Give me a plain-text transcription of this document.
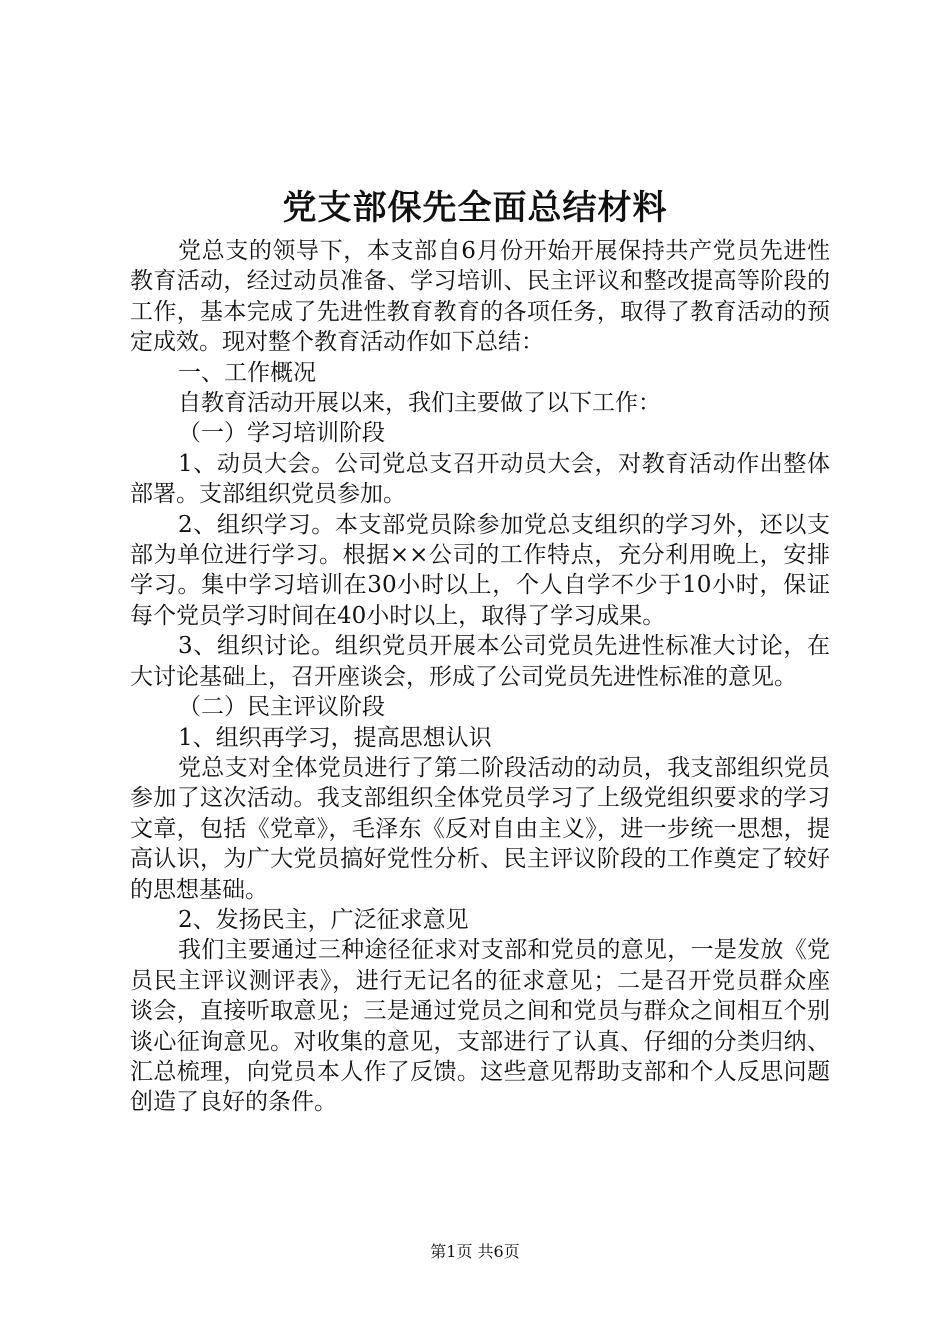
党支部保先全面总结材料

党总支的领导下，本支部自6月份开始开展保持共产党员先进性教育活动，经过动员准备、学习培训、民主评议和整改提高等阶段的工作，基本完成了先进性教育教育的各项任务，取得了教育活动的预定成效。现对整个教育活动作如下总结：

一、工作概况

自教育活动开展以来，我们主要做了以下工作：

（一）学习培训阶段

1、动员大会。公司党总支召开动员大会，对教育活动作出整体部署。支部组织党员参加。

2、组织学习。本支部党员除参加党总支组织的学习外，还以支部为单位进行学习。根据××公司的工作特点，充分利用晚上，安排学习。集中学习培训在30小时以上，个人自学不少于10小时，保证每个党员学习时间在40小时以上，取得了学习成果。

3、组织讨论。组织党员开展本公司党员先进性标准大讨论，在大讨论基础上，召开座谈会，形成了公司党员先进性标准的意见。

（二）民主评议阶段

1、组织再学习，提高思想认识

党总支对全体党员进行了第二阶段活动的动员，我支部组织党员参加了这次活动。我支部组织全体党员学习了上级党组织要求的学习文章，包括《党章》，毛泽东《反对自由主义》，进一步统一思想，提高认识，为广大党员搞好党性分析、民主评议阶段的工作奠定了较好的思想基础。

2、发扬民主，广泛征求意见

我们主要通过三种途径征求对支部和党员的意见，一是发放《党员民主评议测评表》，进行无记名的征求意见；二是召开党员群众座谈会，直接听取意见；三是通过党员之间和党员与群众之间相互个别谈心征询意见。对收集的意见，支部进行了认真、仔细的分类归纳、汇总梳理，向党员本人作了反馈。这些意见帮助支部和个人反思问题创造了良好的条件。

第1页 共6页
